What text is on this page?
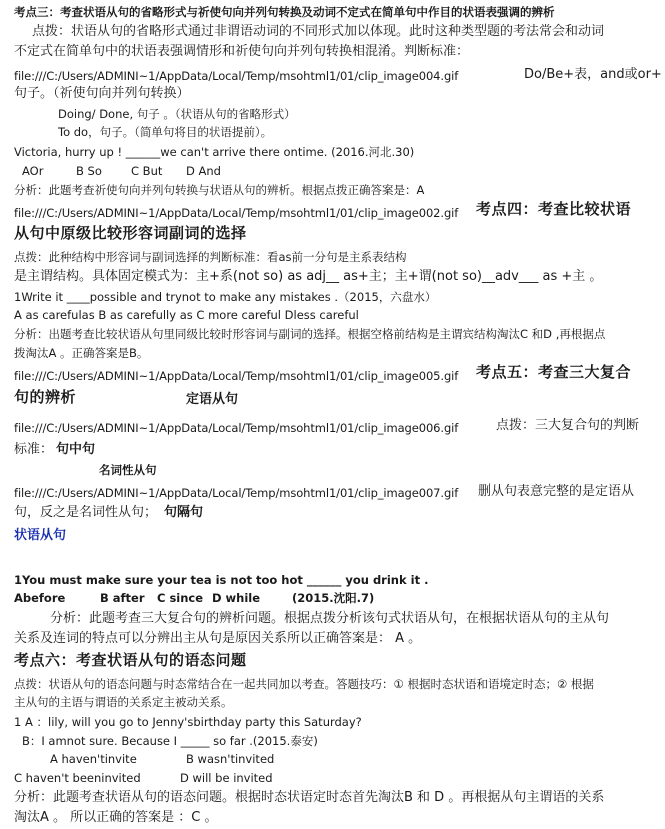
考点三：考查状语从句的省略形式与祈使句向并列句转换及动词不定式在简单句中作目的状语表强调的辨析
点拨：状语从句的省略形式通过非谓语动词的不同形式加以体现。此时这种类型题的考法常会和动词
不定式在简单句中的状语表强调情形和祈使句向并列句转换相混淆。判断标准：
file:///C:/Users/ADMINI~1/AppData/Local/Temp/msohtml1/01/clip_image004.gif	Do/Be+表，and或or+
句子。（祈使句向并列句转换）
Doing/ Done, 句子 。（状语从句的省略形式）
To do，句子。（简单句将目的状语提前）。
Victoria, hurry up ! ______we can't arrive there ontime. (2016.河北.30)
AOr	B So	C But D And
分析：此题考查祈使句向并列句转换与状语从句的辨析。根据点拨正确答案是：A
file:///C:/Users/ADMINI~1/AppData/Local/Temp/msohtml1/01/clip_image002.gif 考点四：考查比较状语
从句中原级比较形容词副词的选择
点拨：此种结构中形容词与副词选择的判断标准：看as前一分句是主系表结构
是主谓结构。具体固定模式为：主+系(not so) as adj__ as+主；主+谓(not so)__adv___ as +主 。
1Write it ____possible and trynot to make any mistakes .（2015，六盘水）
A as carefulas B as carefully as C more careful Dless careful
分析：出题考查比较状语从句里同级比较时形容词与副词的选择。根据空格前结构是主谓宾结构淘汰C 和D ,再根据点
拨淘汰A 。正确答案是B。
file:///C:/Users/ADMINI~1/AppData/Local/Temp/msohtml1/01/clip_image005.gif 考点五：考查三大复合
句的辨析	定语从句
file:///C:/Users/ADMINI~1/AppData/Local/Temp/msohtml1/01/clip_image006.gif	点拨：三大复合句的判断
标准： 句中句
名词性从句
file:///C:/Users/ADMINI~1/AppData/Local/Temp/msohtml1/01/clip_image007.gif 删从句表意完整的是定语从
句，反之是名词性从句； 句隔句
状语从句
1You must make sure your tea is not too hot ______ you drink it .
Abefore	B after C since D while	(2015.沈阳.7)
分析：此题考查三大复合句的辨析问题。根据点拨分析该句式状语从句，在根据状语从句的主从句
关系及连词的特点可以分辨出主从句是原因关系所以正确答案是： A 。
考点六：考查状语从句的语态问题
点拨：状语从句的语态问题与时态常结合在一起共同加以考查。答题技巧：① 根据时态状语和语境定时态；② 根据
主从句的主语与谓语的关系定主被动关系。
1 A ：lily, will you go to Jenny'sbirthday party this Saturday?
B：I amnot sure. Because I _____ so far .(2015.泰安)
A haven'tinvite	B wasn'tinvited
C haven't beeninvited	D will be invited
分析：此题考查状语从句的语态问题。根据时态状语定时态首先淘汰B 和 D 。再根据从句主谓语的关系
淘汰A 。 所以正确的答案是 ：C 。
